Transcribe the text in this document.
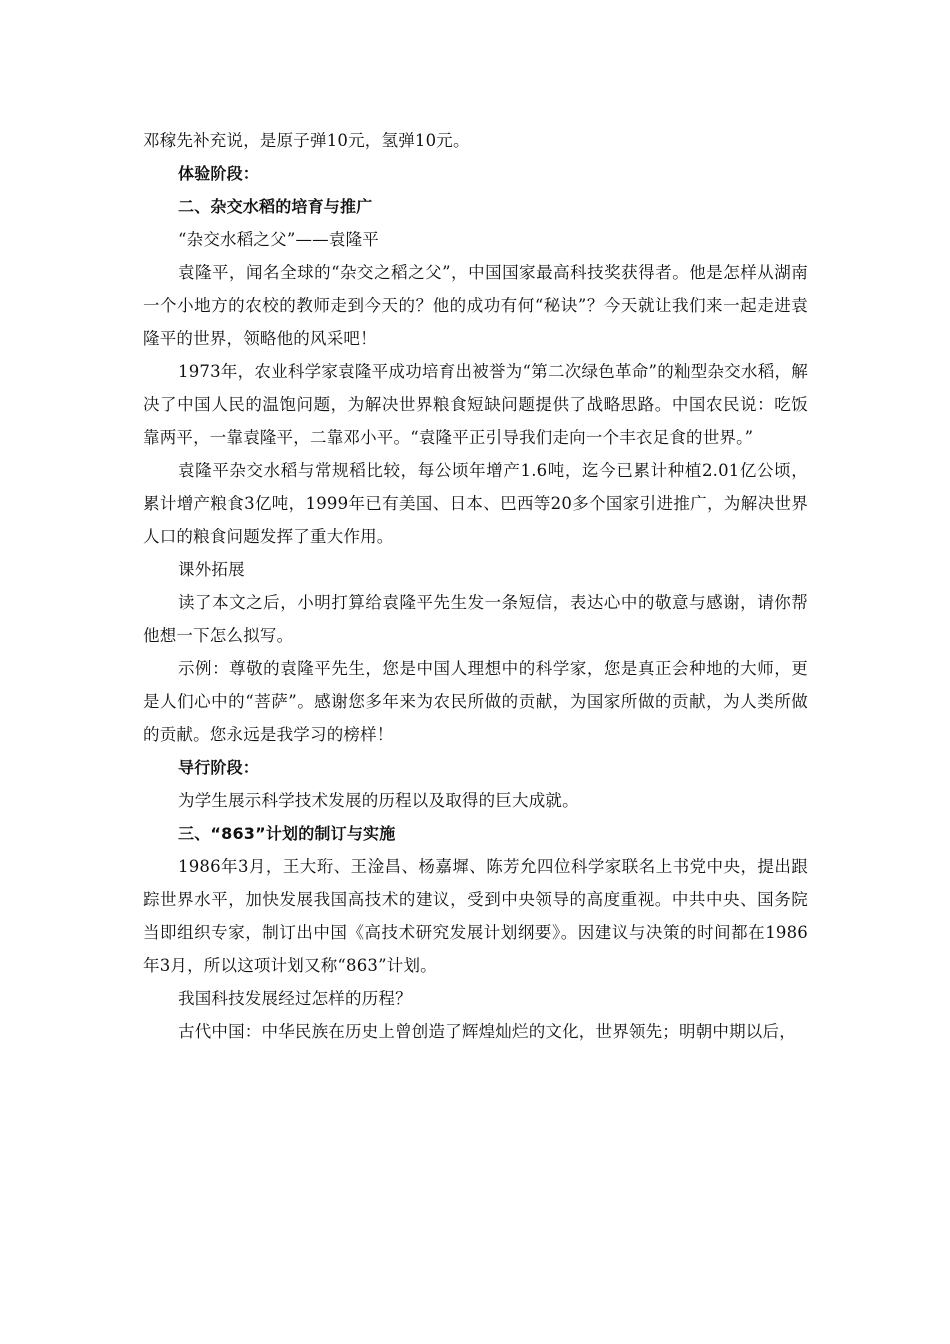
邓稼先补充说，是原子弹10元，氢弹10元。

体验阶段：

二、杂交水稻的培育与推广

“杂交水稻之父”——袁隆平

袁隆平，闻名全球的“杂交之稻之父”，中国国家最高科技奖获得者。他是怎样从湖南一个小地方的农校的教师走到今天的？他的成功有何“秘诀”？今天就让我们来一起走进袁隆平的世界，领略他的风采吧！

1973年，农业科学家袁隆平成功培育出被誉为“第二次绿色革命”的籼型杂交水稻，解决了中国人民的温饱问题，为解决世界粮食短缺问题提供了战略思路。中国农民说：吃饭靠两平，一靠袁隆平，二靠邓小平。“袁隆平正引导我们走向一个丰衣足食的世界。”

袁隆平杂交水稻与常规稻比较，每公顷年增产1.6吨，迄今已累计种植2.01亿公顷，累计增产粮食3亿吨，1999年已有美国、日本、巴西等20多个国家引进推广，为解决世界人口的粮食问题发挥了重大作用。

课外拓展

读了本文之后，小明打算给袁隆平先生发一条短信，表达心中的敬意与感谢，请你帮他想一下怎么拟写。

示例：尊敬的袁隆平先生，您是中国人理想中的科学家，您是真正会种地的大师，更是人们心中的“菩萨”。感谢您多年来为农民所做的贡献，为国家所做的贡献，为人类所做的贡献。您永远是我学习的榜样！

导行阶段：

为学生展示科学技术发展的历程以及取得的巨大成就。

三、“863”计划的制订与实施

1986年3月，王大珩、王淦昌、杨嘉墀、陈芳允四位科学家联名上书党中央，提出跟踪世界水平，加快发展我国高技术的建议，受到中央领导的高度重视。中共中央、国务院当即组织专家，制订出中国《高技术研究发展计划纲要》。因建议与决策的时间都在1986年3月，所以这项计划又称“863”计划。

我国科技发展经过怎样的历程？

古代中国：中华民族在历史上曾创造了辉煌灿烂的文化，世界领先；明朝中期以后，
